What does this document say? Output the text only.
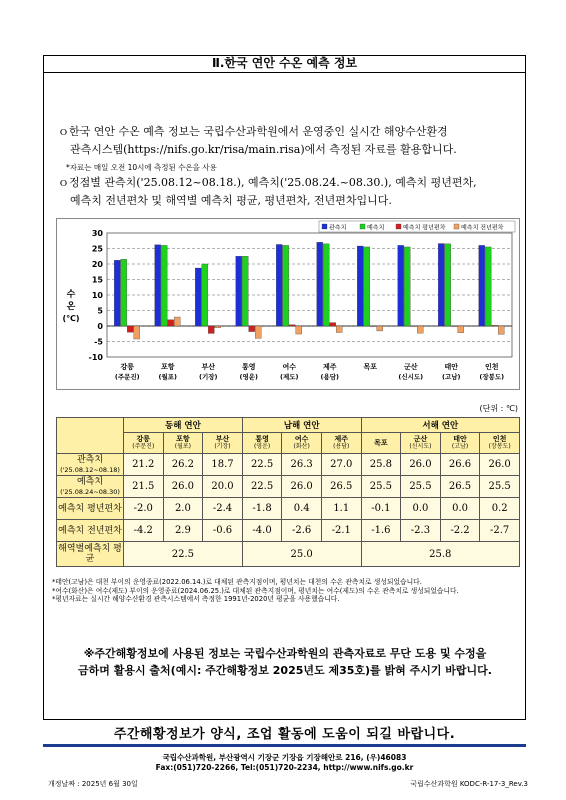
Ⅱ.한국 연안 수온 예측 정보
ｏ한국 연안 수온 예측 정보는 국립수산과학원에서 운영중인 실시간 해양수산환경
관측시스템(https://nifs.go.kr/risa/main.risa)에서 측정된 자료를 활용합니다.
*자료는 매일 오전 10시에 측정된 수온을 사용
ｏ정점별 관측치('25.08.12~08.18.), 예측치('25.08.24.~08.30.), 예측치 평년편차,
예측치 전년편차 및 해역별 예측치 평균, 평년편차, 전년편차입니다.
-10
-5
0
5
10
15
20
25
30
수
온
(℃)
강릉
(주문진)
포항
(월포)
부산
(기장)
통영
(영운)
여수
(제도)
제주
(용담)
목포	군산
(신시도)
태안
(고남)
인천
(장봉도)
관측치	예측치	예측치 평년편차	예측치 전년편차
(단위 : ℃)
	동해 연안			남해 연안			서해 연안			

	강릉
(주문진)	포항
(월포)	부산
(기장)	통영
(영운)	여수
(화산)	제주
(용담)	목포	군산
(신시도)	태안
(고남)	인천
(장봉도)

관측치
('25.08.12~08.18)	21.2	26.2	18.7	22.5	26.3	27.0	25.8	26.0	26.6	26.0

예측치
('25.08.24~08.30)	21.5	26.0	20.0	22.5	26.0	26.5	25.5	25.5	26.5	25.5

예측치 평년편차	-2.0	2.0	-2.4	-1.8	0.4	1.1	-0.1	0.0	0.0	0.2

예측치 전년편차	-4.2	2.9	-0.6	-4.0	-2.6	-2.1	-1.6	-2.3	-2.2	-2.7
해역별예측치 평균	22.5			25.0			25.8			
*태안(고남)은 대천 부이의 운영종료(2022.06.14.)로 대체된 관측지점이며, 평년치는 대천의 수온 관측치로 생성되었습니다.
*여수(화산)은 여수(제도) 부이의 운영종료(2024.06.25.)로 대체된 관측지점이며, 평년치는 여수(제도)의 수온 관측치로 생성되었습니다.
*평년자료는 실시간 해양수산환경 관측시스템에서 측정한 1991년-2020년 평균을 사용했습니다.
※주간해황정보에 사용된 정보는 국립수산과학원의 관측자료로 무단 도용 및 수정을
금하며 활용시 출처(예시: 주간해황정보 2025년도 제35호)를 밝혀 주시기 바랍니다.
주간해황정보가 양식, 조업 활동에 도움이 되길 바랍니다.
국립수산과학원, 부산광역시 기장군 기장읍 기장해안로 216, (우)46083
Fax:(051)720-2266, Tel:(051)720-2234, http://www.nifs.go.kr
개정날짜 : 2025년 6월 30일	국립수산과학원 KODC-R-17-3_Rev.3
